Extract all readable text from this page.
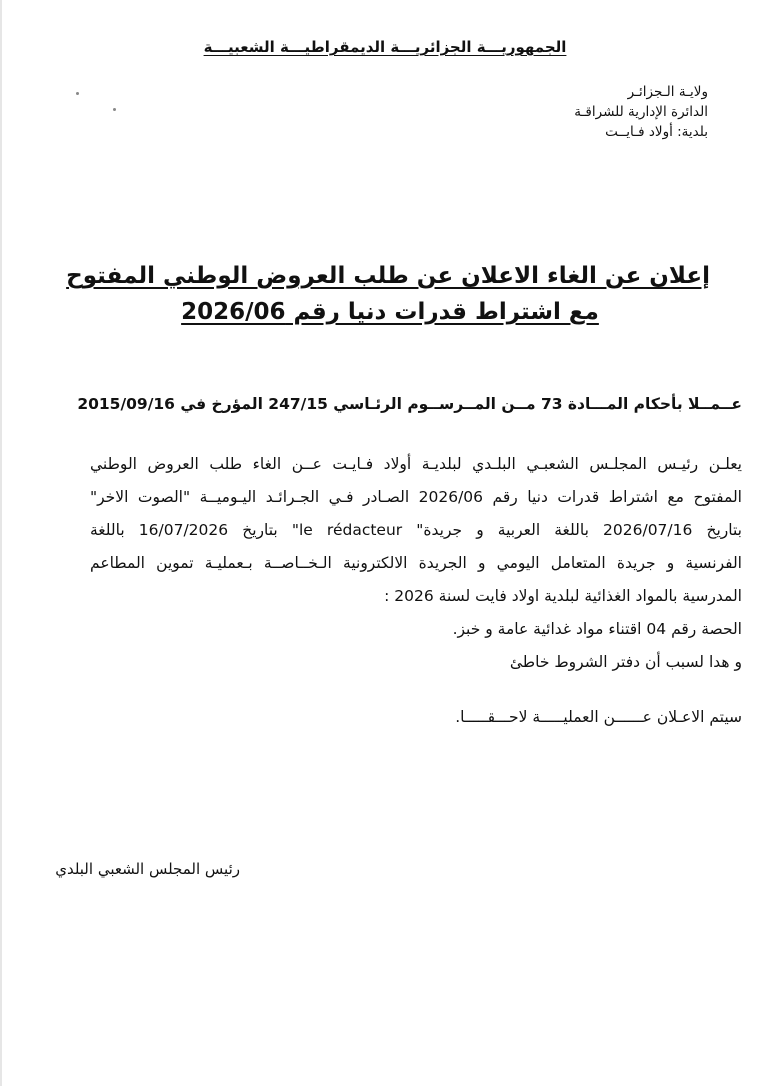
الجمهوريـــة الجزائريـــة الديمقراطيـــة الشعبيـــة
ولايـة الـجزائـر
الدائرة الإدارية للشراقـة
بلدية: أولاد فـايــت
إعلان عن الغاء الاعلان عن طلب العروض الوطني المفتوح
مع اشتراط قدرات دنيا رقم 2026/06

عــمــلا بأحكام المـــادة 73 مــن المــرســوم الرئـاسي 247/15 المؤرخ في 2015/09/16

يعلـن رئيـس المجلـس الشعبـي البلـدي لبلديـة أولاد فـايـت عــن الغاء طلب العروض الوطني
المفتوح مع اشتراط قدرات دنيا رقم 2026/06 الصـادر فـي الجـرائـد اليـوميــة "الصوت الاخر"
بتاريخ 2026/07/16 باللغة العربية و جريدة" le rédacteur" بتاريخ 16/07/2026 باللغة
الفرنسية و جريدة المتعامل اليومي و الجريدة الالكترونية الـخــاصــة بـعمليـة تموين المطاعم
المدرسية بالمواد الغذائية لبلدية اولاد فايت لسنة 2026 :

الحصة رقم 04 اقتناء مواد غدائية عامة و خبز.

و هدا لسبب أن دفتر الشروط خاطئ

سيتم الاعـلان عــــــن العمليـــــة لاحـــقـــــا.

رئيس المجلس الشعبي البلدي
